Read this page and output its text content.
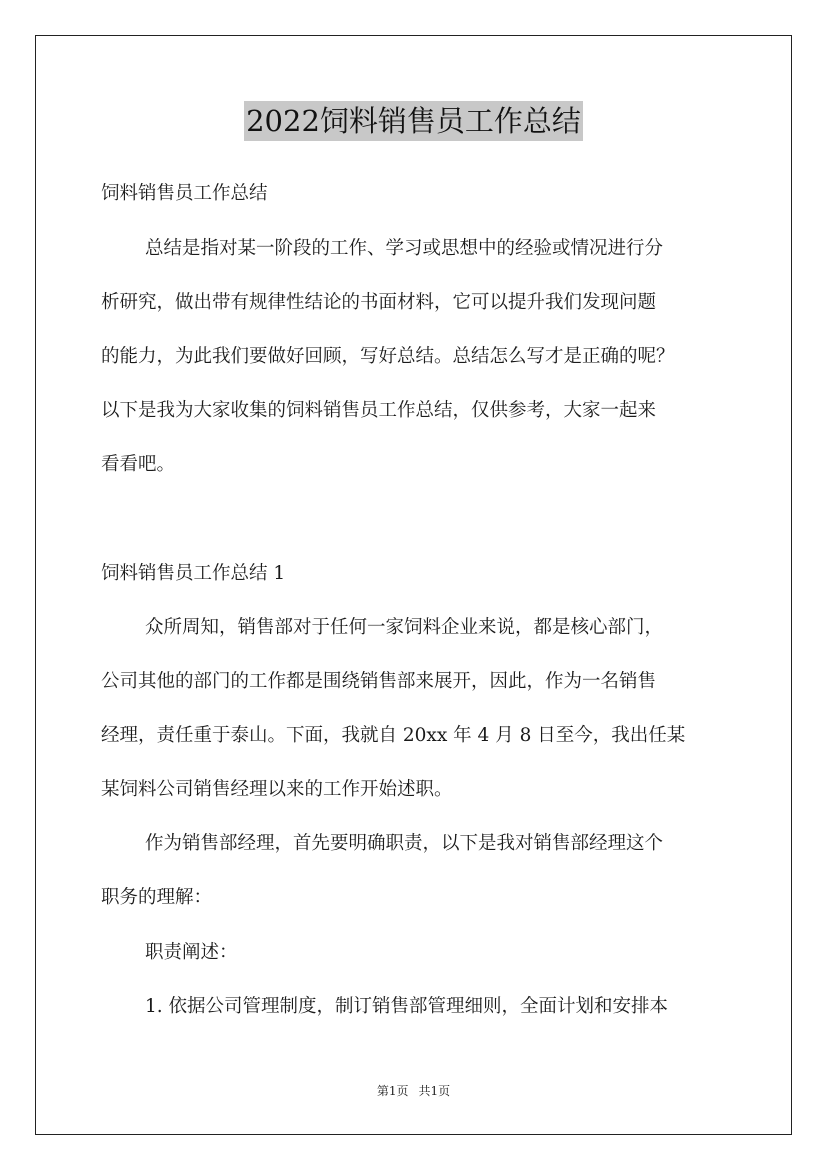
2022饲料销售员工作总结
饲料销售员工作总结
总结是指对某一阶段的工作、学习或思想中的经验或情况进行分
析研究，做出带有规律性结论的书面材料，它可以提升我们发现问题
的能力，为此我们要做好回顾，写好总结。总结怎么写才是正确的呢？
以下是我为大家收集的饲料销售员工作总结，仅供参考，大家一起来
看看吧。
饲料销售员工作总结 1
众所周知，销售部对于任何一家饲料企业来说，都是核心部门，
公司其他的部门的工作都是围绕销售部来展开，因此，作为一名销售
经理，责任重于泰山。下面，我就自 20xx 年 4 月 8 日至今，我出任某
某饲料公司销售经理以来的工作开始述职。
作为销售部经理，首先要明确职责，以下是我对销售部经理这个
职务的理解：
职责阐述：
1. 依据公司管理制度，制订销售部管理细则，全面计划和安排本
第1页 共1页
